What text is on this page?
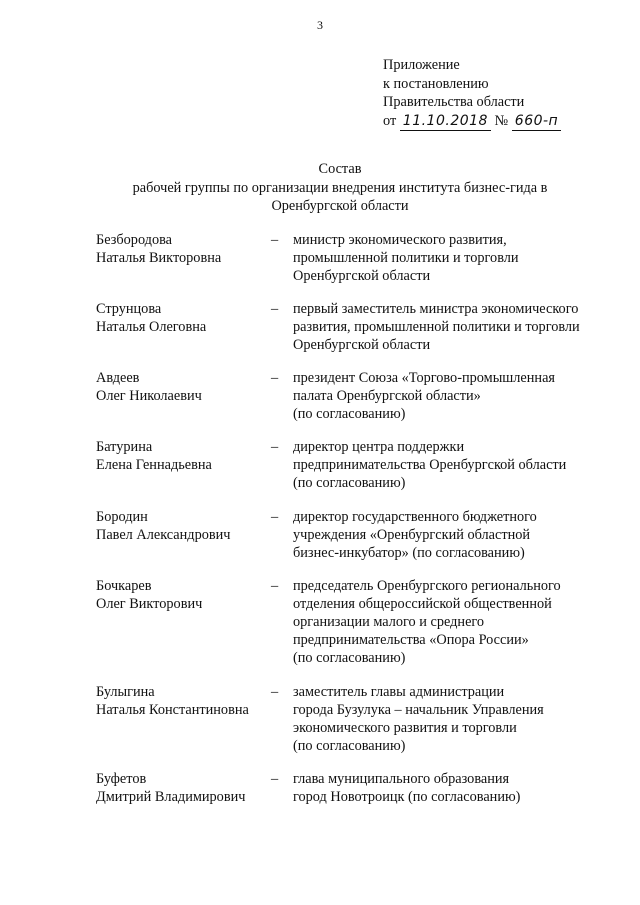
3
Приложение
к постановлению
Правительства области
от 11.10.2018 № 660-п
Состав
рабочей группы по организации внедрения института бизнес-гида в
Оренбургской области
Безбородова
Наталья Викторовна
– министр экономического развития,
промышленной политики и торговли
Оренбургской области
Струнцова
Наталья Олеговна
– первый заместитель министра экономического
развития, промышленной политики и торговли
Оренбургской области
Авдеев
Олег Николаевич
– президент Союза «Торгово-промышленная
палата Оренбургской области»
(по согласованию)
Батурина
Елена Геннадьевна
– директор центра поддержки
предпринимательства Оренбургской области
(по согласованию)
Бородин
Павел Александрович
– директор государственного бюджетного
учреждения «Оренбургский областной
бизнес-инкубатор» (по согласованию)
Бочкарев
Олег Викторович
– председатель Оренбургского регионального
отделения общероссийской общественной
организации малого и среднего
предпринимательства «Опора России»
(по согласованию)
Булыгина
Наталья Константиновна
– заместитель главы администрации
города Бузулука – начальник Управления
экономического развития и торговли
(по согласованию)
Буфетов
Дмитрий Владимирович
– глава муниципального образования
город Новотроицк (по согласованию)
